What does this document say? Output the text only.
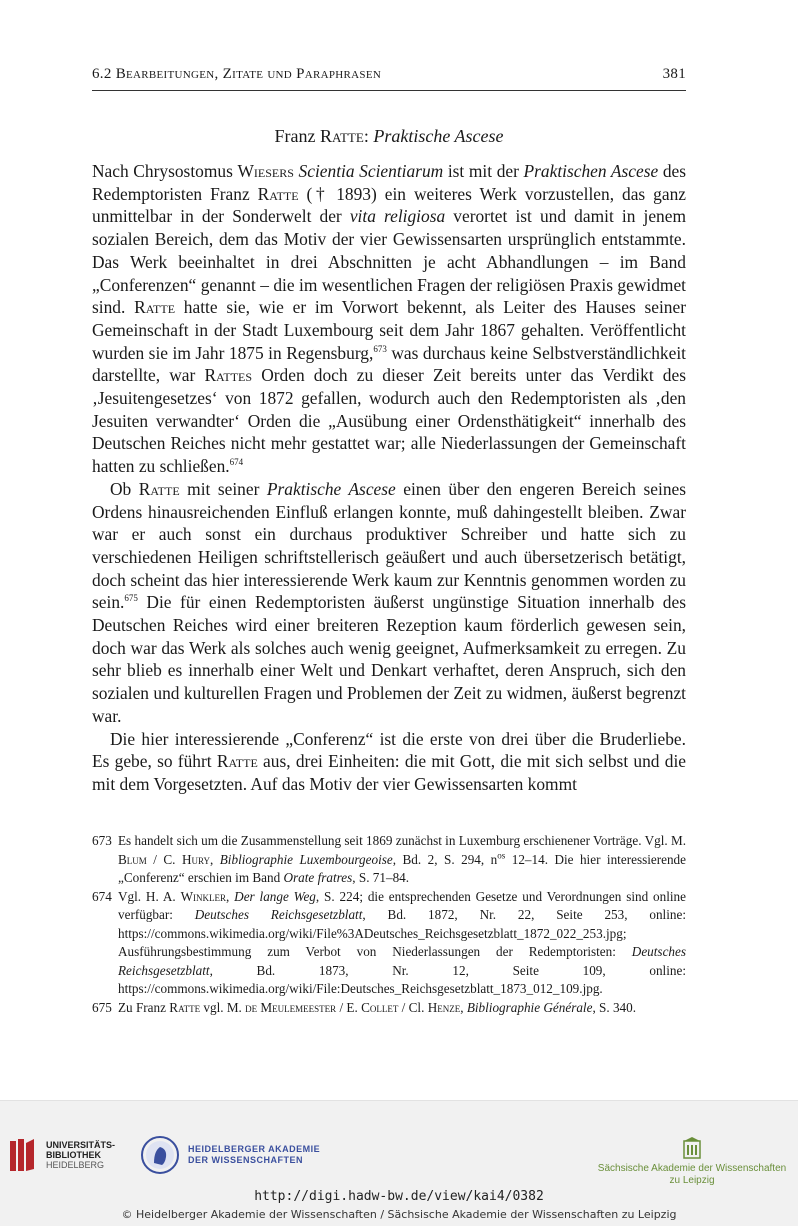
6.2 Bearbeitungen, Zitate und Paraphrasen	381
Franz Ratte: Praktische Ascese

Nach Chrysostomus Wiesers Scientia Scientiarum ist mit der Praktischen Ascese des Redemptoristen Franz Ratte († 1893) ein weiteres Werk vorzustellen, das ganz unmittelbar in der Sonderwelt der vita religiosa verortet ist und damit in jenem sozialen Bereich, dem das Motiv der vier Gewissensarten ursprünglich entstammte. Das Werk beeinhaltet in drei Abschnitten je acht Abhandlungen – im Band „Conferenzen“ genannt – die im wesentlichen Fragen der religiösen Praxis gewidmet sind. Ratte hatte sie, wie er im Vorwort bekennt, als Leiter des Hauses seiner Gemeinschaft in der Stadt Luxembourg seit dem Jahr 1867 gehalten. Veröffentlicht wurden sie im Jahr 1875 in Regensburg,$^{673}$ was durchaus keine Selbstverständlichkeit darstellte, war Rattes Orden doch zu dieser Zeit bereits unter das Verdikt des ‚Jesuitengesetzes‘ von 1872 gefallen, wodurch auch den Redemptoristen als ‚den Jesuiten verwandter‘ Orden die „Ausübung einer Ordensthätigkeit“ innerhalb des Deutschen Reiches nicht mehr gestattet war; alle Niederlassungen der Gemeinschaft hatten zu schließen.$^{674}$

Ob Ratte mit seiner Praktische Ascese einen über den engeren Bereich seines Ordens hinausreichenden Einfluß erlangen konnte, muß dahingestellt bleiben. Zwar war er auch sonst ein durchaus produktiver Schreiber und hatte sich zu verschiedenen Heiligen schriftstellerisch geäußert und auch übersetzerisch betätigt, doch scheint das hier interessierende Werk kaum zur Kenntnis genommen worden zu sein.$^{675}$ Die für einen Redemptoristen äußerst ungünstige Situation innerhalb des Deutschen Reiches wird einer breiteren Rezeption kaum förderlich gewesen sein, doch war das Werk als solches auch wenig geeignet, Aufmerksamkeit zu erregen. Zu sehr blieb es innerhalb einer Welt und Denkart verhaftet, deren Anspruch, sich den sozialen und kulturellen Fragen und Problemen der Zeit zu widmen, äußerst begrenzt war.

Die hier interessierende „Conferenz“ ist die erste von drei über die Bruderliebe. Es gebe, so führt Ratte aus, drei Einheiten: die mit Gott, die mit sich selbst und die mit dem Vorgesetzten. Auf das Motiv der vier Gewissensarten kommt

673 Es handelt sich um die Zusammenstellung seit 1869 zunächst in Luxemburg erschienener Vorträge. Vgl. M. Blum / C. Hury, Bibliographie Luxembourgeoise, Bd. 2, S. 294, $n^{os}$ 12–14. Die hier interessierende „Conferenz“ erschien im Band Orate fratres, S. 71–84.
674 Vgl. H. A. Winkler, Der lange Weg, S. 224; die entsprechenden Gesetze und Verordnungen sind online verfügbar: Deutsches Reichsgesetzblatt, Bd. 1872, Nr. 22, Seite 253, online: https://commons.wikimedia.org/wiki/File%3ADeutsches_Reichsgesetzblatt_1872_022_253.jpg; Ausführungsbestimmung zum Verbot von Niederlassungen der Redemptoristen: Deutsches Reichsgesetzblatt, Bd. 1873, Nr. 12, Seite 109, online: https://commons.wikimedia.org/wiki/File:Deutsches_Reichsgesetzblatt_1873_012_109.jpg.
675 Zu Franz Ratte vgl. M. de Meulemeester / E. Collet / Cl. Henze, Bibliographie Générale, S. 340.
UNIVERSITÄTS-
BIBLIOTHEK
HEIDELBERG
HEIDELBERGER AKADEMIE
DER WISSENSCHAFTEN
Sächsische Akademie der Wissenschaften
zu Leipzig
http://digi.hadw-bw.de/view/kai4/0382
© Heidelberger Akademie der Wissenschaften / Sächsische Akademie der Wissenschaften zu Leipzig
